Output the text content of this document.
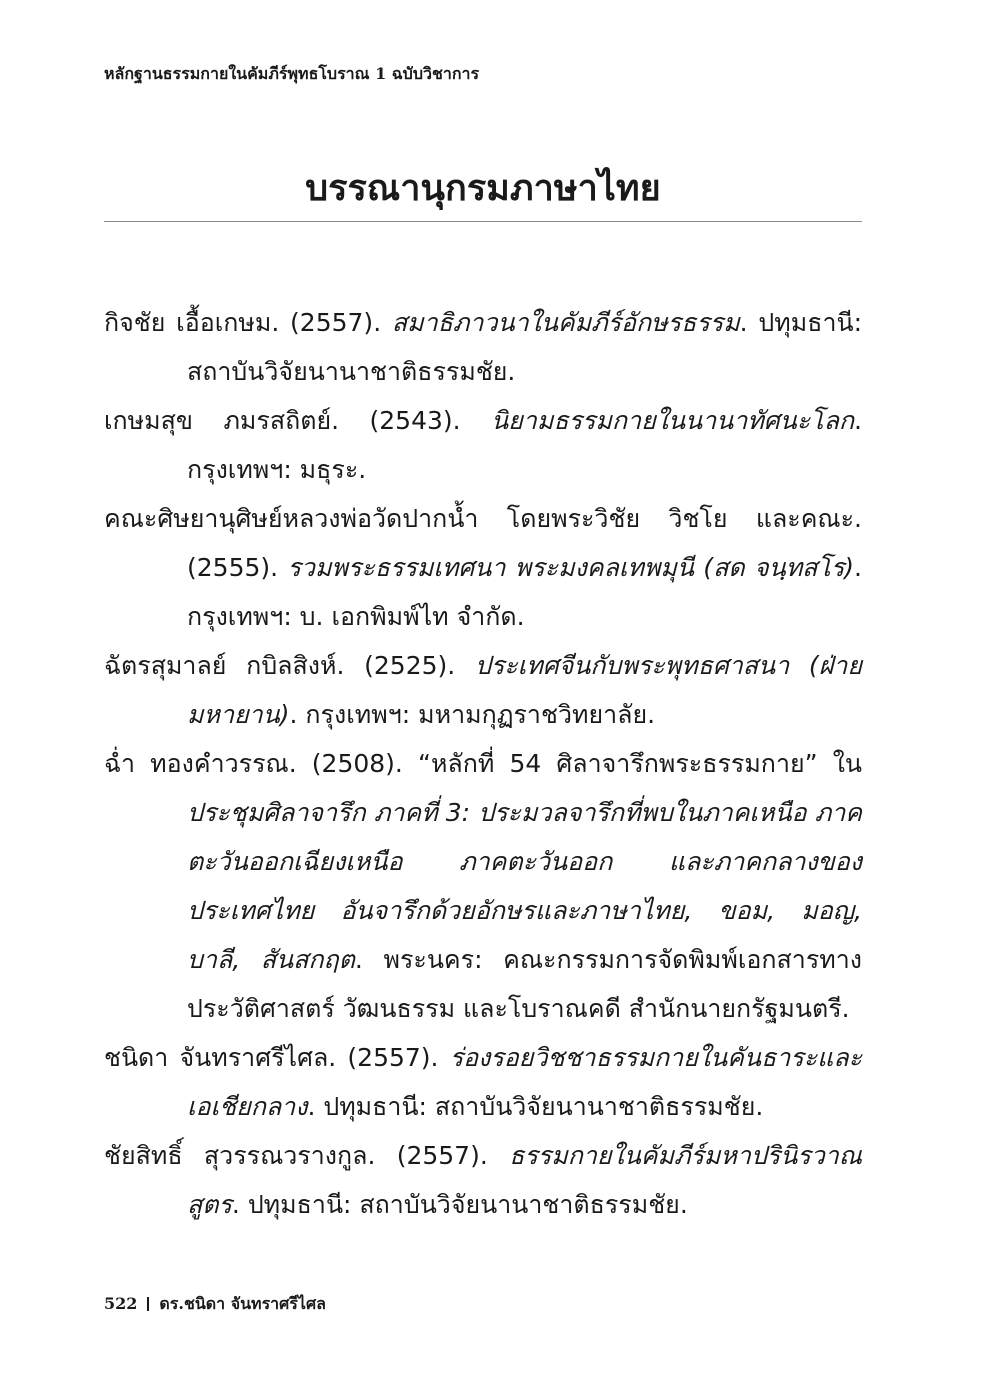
หลักฐานธรรมกายในคัมภีร์พุทธโบราณ 1 ฉบับวิชาการ
บรรณานุกรมภาษาไทย

กิจชัย เอื้อเกษม. (2557). สมาธิภาวนาในคัมภีร์อักษรธรรม. ปทุมธานี: สถาบันวิจัยนานาชาติธรรมชัย.

เกษมสุข ภมรสถิตย์. (2543). นิยามธรรมกายในนานาทัศนะโลก. กรุงเทพฯ: มธุระ.

คณะศิษยานุศิษย์หลวงพ่อวัดปากน้ำ โดยพระวิชัย วิชโย และคณะ. (2555). รวมพระธรรมเทศนา พระมงคลเทพมุนี (สด จนฺทสโร). กรุงเทพฯ: บ. เอกพิมพ์ไท จำกัด.

ฉัตรสุมาลย์ กบิลสิงห์. (2525). ประเทศจีนกับพระพุทธศาสนา (ฝ่ายมหายาน). กรุงเทพฯ: มหามกุฏราชวิทยาลัย.

ฉ่ำ ทองคำวรรณ. (2508). “หลักที่ 54 ศิลาจารึกพระธรรมกาย” ใน ประชุมศิลาจารึก ภาคที่ 3: ประมวลจารึกที่พบในภาคเหนือ ภาคตะวันออกเฉียงเหนือ ภาคตะวันออก และภาคกลางของประเทศไทย อันจารึกด้วยอักษรและภาษาไทย, ขอม, มอญ, บาลี, สันสกฤต. พระนคร: คณะกรรมการจัดพิมพ์เอกสารทางประวัติศาสตร์ วัฒนธรรม และโบราณคดี สำนักนายกรัฐมนตรี.

ชนิดา จันทราศรีไศล. (2557). ร่องรอยวิชชาธรรมกายในคันธาระและเอเชียกลาง. ปทุมธานี: สถาบันวิจัยนานาชาติธรรมชัย.

ชัยสิทธิ์ สุวรรณวรางกูล. (2557). ธรรมกายในคัมภีร์มหาปรินิรวาณสูตร. ปทุมธานี: สถาบันวิจัยนานาชาติธรรมชัย.

522 ดร.ชนิดา จันทราศรีไศล
